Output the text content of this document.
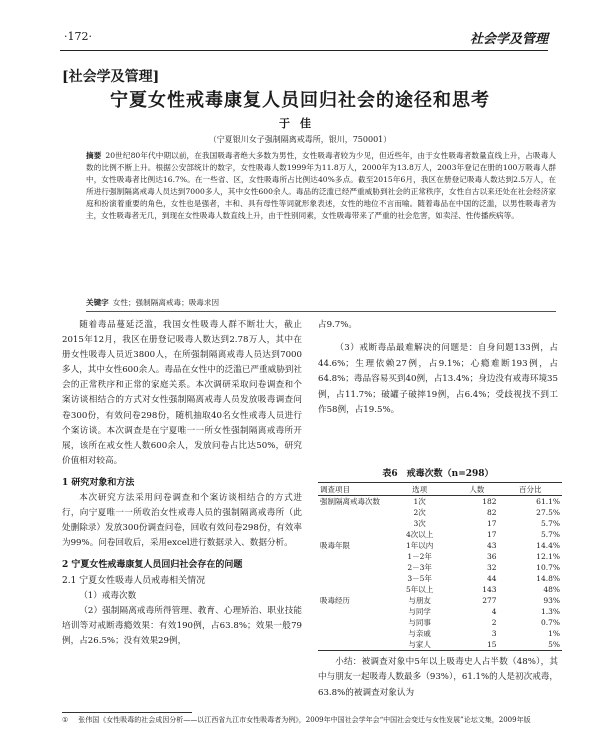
·172·	社会学及管理
[社会学及管理]
宁夏女性戒毒康复人员回归社会的途径和思考
于佳
（宁夏银川女子强制隔离戒毒所，银川，750001）
摘要 20世纪80年代中期以前，在我国吸毒者绝大多数为男性，女性吸毒者较为少见，但近些年，由于女性吸毒者数量直线上升，占吸毒人数的比例不断上升。根据公安部统计的数字，女性吸毒人数1999年为11.8万人，2000年为13.8万人，2003年登记在册的100万吸毒人群中，女性吸毒者比例达16.7%。在一些省、区，女性吸毒所占比例达40%多点。截至2015年6月，我区在册登记吸毒人数达到2.5万人，在所进行强制隔离戒毒人员达到7000多人，其中女性600余人。毒品的泛滥已经严重威胁到社会的正常秩序，女性自古以来还处在社会经济家庭和扮演着重要的角色，女性也是强者，丰和、具有母性等词就形象表述，女性的地位不言而喻。随着毒品在中国的泛滥，以男性吸毒者为主，女性吸毒者无几，到现在女性吸毒人数直线上升，由于性别同素，女性吸毒带来了严重的社会危害，如卖淫、性传播疾病等。
关键字 女性；强制隔离戒毒；吸毒求因

随着毒品蔓延泛滥，我国女性吸毒人群不断壮大，截止2015年12月，我区在册登记吸毒人数达到2.78万人，其中在册女性吸毒人员近3800人，在所强制隔离戒毒人员达到7000多人，其中女性600余人。毒品在女性中的泛滥已严重威胁到社会的正常秩序和正常的家庭关系。本次调研采取问卷调查和个案访谈相结合的方式对女性强制隔离戒毒人员发放吸毒调查问卷300份，有效问卷298份，随机抽取40名女性戒毒人员进行个案访谈。本次调查是在宁夏唯一一所女性强制隔离戒毒所开展，该所在戒女性人数600余人，发放问卷占比达50%，研究价值相对较高。

1 研究对象和方法

本次研究方法采用问卷调查和个案访谈相结合的方式进行，向宁夏唯一一所收治女性戒毒人员的强制隔离戒毒所（此处删除录）发放300份调查问卷，回收有效问卷298份，有效率为99%。问卷回收后，采用excel进行数据录入、数据分析。

2 宁夏女性戒毒康复人员回归社会存在的问题
2.1 宁夏女性吸毒人员戒毒相关情况

（1）戒毒次数

（2）强制隔离戒毒所得管理、教育、心理矫治、职业技能培训等对戒断毒瘾效果：有效190例，占63.8%；效果一般79例，占26.5%；没有效果29例，

占9.7%。

（3）戒断毒品最难解决的问题是：自身问题133例，占44.6%；生理依赖27例，占9.1%；心瘾难断193例，占64.8%；毒品容易买到40例，占13.4%；身边没有戒毒环境35例，占11.7%；破罐子破摔19例，占6.4%；受歧视找不到工作58例，占19.5%。

表6　戒毒次数（n=298）
调查项目	选项	人数	百分比
强制隔离戒毒次数	1次	182	61.1%
	2次	82	27.5%
	3次	17	5.7%
	4次以上	17	5.7%
吸毒年限	1年以内	43	14.4%
	1－2年	36	12.1%
	2－3年	32	10.7%
	3－5年	44	14.8%
	5年以上	143	48%
吸毒经历	与朋友	277	93%
	与同学	4	1.3%
	与同事	2	0.7%
	与亲戚	3	1%
	与家人	15	5%

小结：被调查对象中5年以上吸毒史人占半数（48%），其中与朋友一起吸毒人数最多（93%），61.1%的人是初次戒毒，63.8%的被调查对象认为

① 张伟国《女性吸毒的社会成因分析——以江西省九江市女性吸毒者为例》，2009年中国社会学年会“中国社会变迁与女性发展”论坛文集，2009年版
